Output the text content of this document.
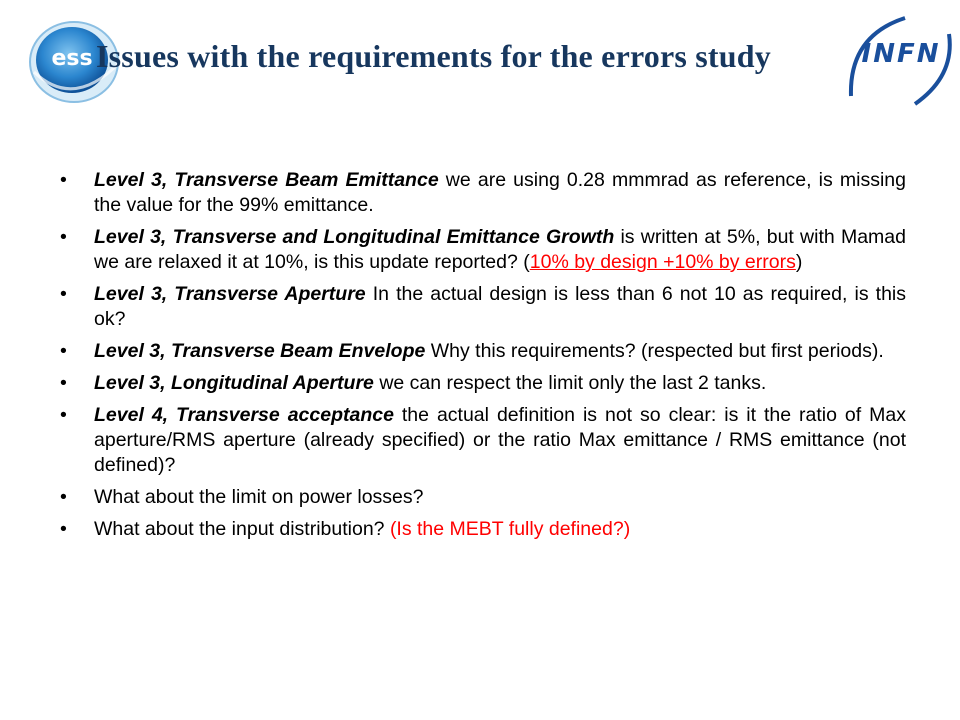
ess	INFN
Issues with the requirements for the errors study
•	Level 3, Transverse Beam Emittance we are using 0.28 mmmrad as reference, is missing the value for the 99% emittance.
•	Level 3, Transverse and Longitudinal Emittance Growth is written at 5%, but with Mamad we are relaxed it at 10%, is this update reported? (10% by design +10% by errors)
•	Level 3, Transverse Aperture In the actual design is less than 6 not 10 as required, is this ok?
•	Level 3, Transverse Beam Envelope Why this requirements? (respected but first periods).
•	Level 3, Longitudinal Aperture we can respect the limit only the last 2 tanks.
•	Level 4, Transverse acceptance the actual definition is not so clear: is it the ratio of Max aperture/RMS aperture (already specified) or the ratio Max emittance / RMS emittance (not defined)?
•	What about the limit on power losses?
•	What about the input distribution? (Is the MEBT fully defined?)
